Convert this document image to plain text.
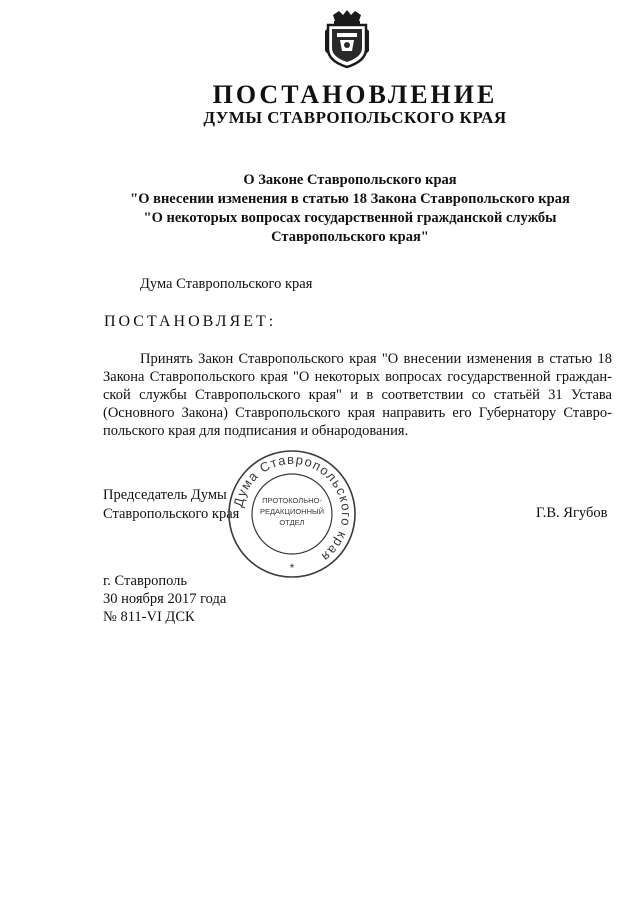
ПОСТАНОВЛЕНИЕ
ДУМЫ СТАВРОПОЛЬСКОГО КРАЯ
О Законе Ставропольского края
"О внесении изменения в статью 18 Закона Ставропольского края
"О некоторых вопросах государственной гражданской службы
Ставропольского края"
Дума Ставропольского края
ПОСТАНОВЛЯЕТ:
Принять Закон Ставропольского края "О внесении изменения в статью 18 Закона Ставропольского края "О некоторых вопросах государственной гражданской службы Ставропольского края" и в соответствии со статьёй 31 Устава (Основного Закона) Ставропольского края направить его Губернатору Ставропольского края для подписания и обнародования.
Председатель Думы
Ставропольского края	Г.В. Ягубов
Дума Ставропольского края
ПРОТОКОЛЬНО-
РЕДАКЦИОННЫЙ
ОТДЕЛ
*
г. Ставрополь
30 ноября 2017 года
№ 811-VI ДСК
